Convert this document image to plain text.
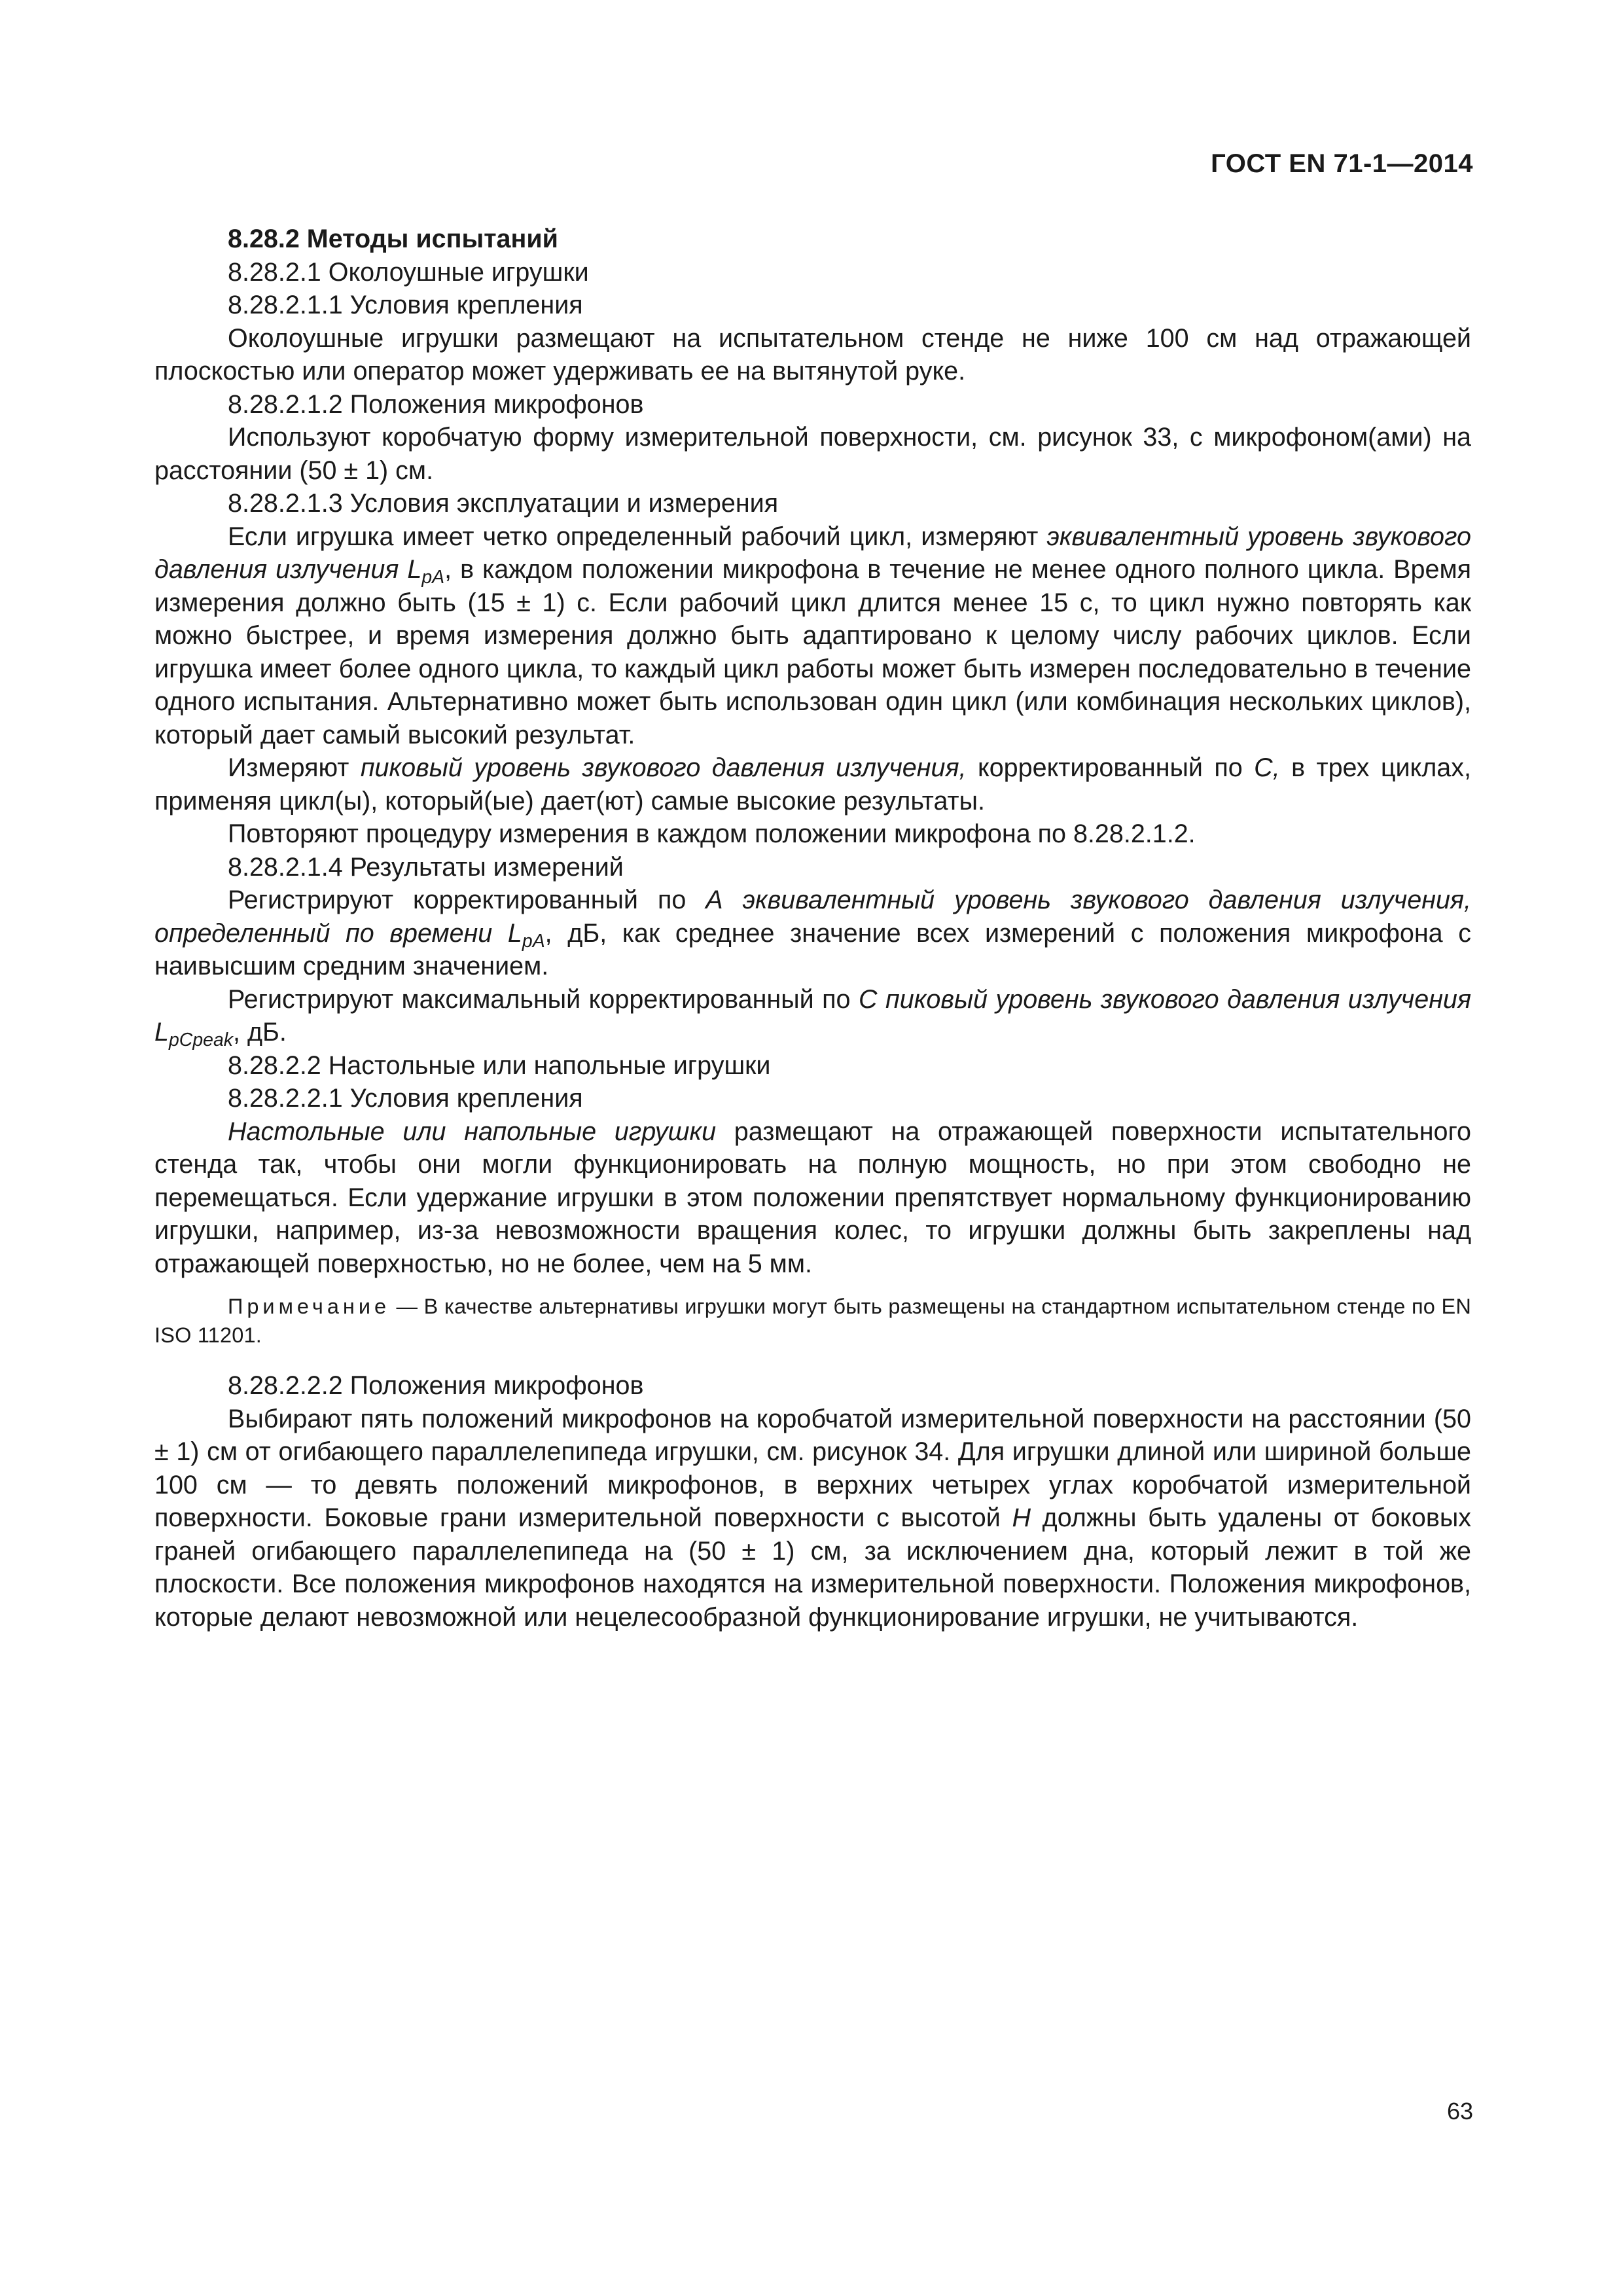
ГОСТ EN 71-1—2014

8.28.2 Методы испытаний

8.28.2.1 Околоушные игрушки

8.28.2.1.1 Условия крепления

Околоушные игрушки размещают на испытательном стенде не ниже 100 см над отражающей плоскостью или оператор может удерживать ее на вытянутой руке.

8.28.2.1.2 Положения микрофонов

Используют коробчатую форму измерительной поверхности, см. рисунок 33, с микрофоном(ами) на расстоянии (50 ± 1) см.

8.28.2.1.3 Условия эксплуатации и измерения

Если игрушка имеет четко определенный рабочий цикл, измеряют эквивалентный уровень звукового давления излучения $L_{pA}$, в каждом положении микрофона в течение не менее одного полного цикла. Время измерения должно быть (15 ± 1) с. Если рабочий цикл длится менее 15 с, то цикл нужно повторять как можно быстрее, и время измерения должно быть адаптировано к целому числу рабочих циклов. Если игрушка имеет более одного цикла, то каждый цикл работы может быть измерен последовательно в течение одного испытания. Альтернативно может быть использован один цикл (или комбинация нескольких циклов), который дает самый высокий результат.

Измеряют пиковый уровень звукового давления излучения, корректированный по С, в трех циклах, применяя цикл(ы), который(ые) дает(ют) самые высокие результаты.

Повторяют процедуру измерения в каждом положении микрофона по 8.28.2.1.2.

8.28.2.1.4 Результаты измерений

Регистрируют корректированный по А эквивалентный уровень звукового давления излучения, определенный по времени $L_{pA}$, дБ, как среднее значение всех измерений с положения микрофона с наивысшим средним значением.

Регистрируют максимальный корректированный по С пиковый уровень звукового давления излучения $L_{pCpeak}$, дБ.

8.28.2.2 Настольные или напольные игрушки

8.28.2.2.1 Условия крепления

Настольные или напольные игрушки размещают на отражающей поверхности испытательного стенда так, чтобы они могли функционировать на полную мощность, но при этом свободно не перемещаться. Если удержание игрушки в этом положении препятствует нормальному функционированию игрушки, например, из-за невозможности вращения колес, то игрушки должны быть закреплены над отражающей поверхностью, но не более, чем на 5 мм.

Примечание — В качестве альтернативы игрушки могут быть размещены на стандартном испытательном стенде по EN ISO 11201.

8.28.2.2.2 Положения микрофонов

Выбирают пять положений микрофонов на коробчатой измерительной поверхности на расстоянии (50 ± 1) см от огибающего параллелепипеда игрушки, см. рисунок 34. Для игрушки длиной или шириной больше 100 см — то девять положений микрофонов, в верхних четырех углах коробчатой измерительной поверхности. Боковые грани измерительной поверхности с высотой Н должны быть удалены от боковых граней огибающего параллелепипеда на (50 ± 1) см, за исключением дна, который лежит в той же плоскости. Все положения микрофонов находятся на измерительной поверхности. Положения микрофонов, которые делают невозможной или нецелесообразной функционирование игрушки, не учитываются.

63
